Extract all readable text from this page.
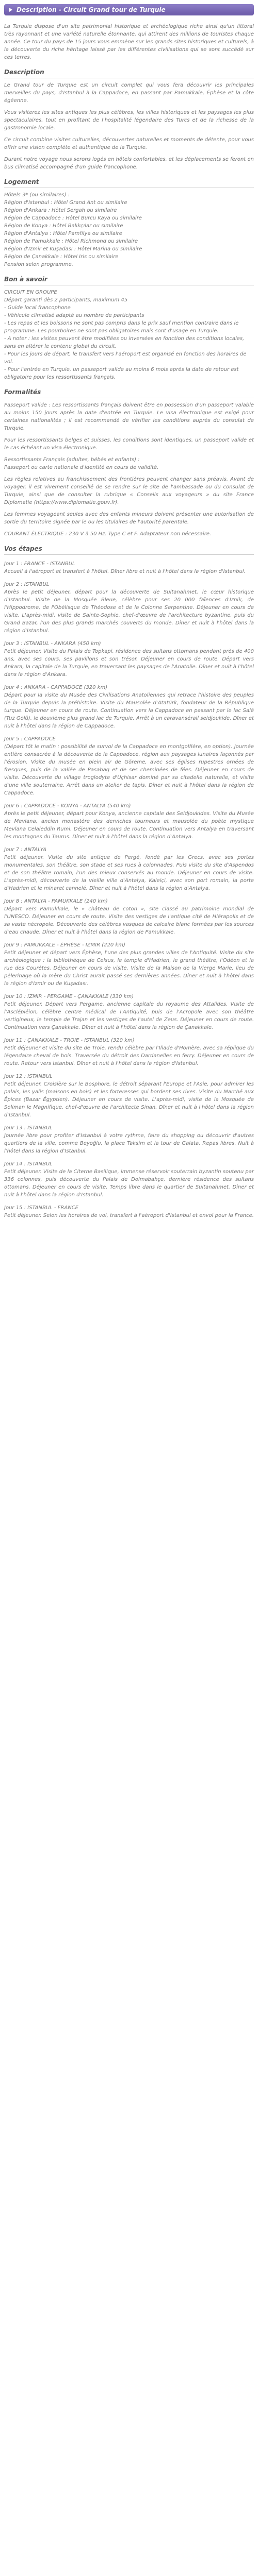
Description - Circuit Grand tour de Turquie

La Turquie dispose d'un site patrimonial historique et archéologique riche ainsi qu'un littoral très rayonnant et une variété naturelle étonnante, qui attirent des millions de touristes chaque année. Ce tour du pays de 15 jours vous emmène sur les grands sites historiques et culturels, à la découverte du riche héritage laissé par les différentes civilisations qui se sont succédé sur ces terres.

Description

Le Grand tour de Turquie est un circuit complet qui vous fera découvrir les principales merveilles du pays, d'Istanbul à la Cappadoce, en passant par Pamukkale, Éphèse et la côte égéenne.

Vous visiterez les sites antiques les plus célèbres, les villes historiques et les paysages les plus spectaculaires, tout en profitant de l'hospitalité légendaire des Turcs et de la richesse de la gastronomie locale.

Ce circuit combine visites culturelles, découvertes naturelles et moments de détente, pour vous offrir une vision complète et authentique de la Turquie.

Durant notre voyage nous serons logés en hôtels confortables, et les déplacements se feront en bus climatisé accompagné d'un guide francophone.

Logement
Hôtels 3* (ou similaires) :
Région d'Istanbul : Hôtel Grand Ant ou similaire
Région d'Ankara : Hôtel Sergah ou similaire
Région de Cappadoce : Hôtel Burcu Kaya ou similaire
Région de Konya : Hôtel Balıkçılar ou similaire
Région d'Antalya : Hôtel Pamfilya ou similaire
Région de Pamukkale : Hôtel Richmond ou similaire
Région d'Izmir et Kuşadası : Hôtel Marina ou similaire
Région de Çanakkale : Hôtel Iris ou similaire
Pension selon programme.
Bon à savoir
CIRCUIT EN GROUPE
Départ garanti dès 2 participants, maximum 45
- Guide local francophone
- Véhicule climatisé adapté au nombre de participants
- Les repas et les boissons ne sont pas compris dans le prix sauf mention contraire dans le programme. Les pourboires ne sont pas obligatoires mais sont d'usage en Turquie.
- A noter : les visites peuvent être modifiées ou inversées en fonction des conditions locales, sans en altérer le contenu global du circuit.
- Pour les jours de départ, le transfert vers l'aéroport est organisé en fonction des horaires de vol.
- Pour l'entrée en Turquie, un passeport valide au moins 6 mois après la date de retour est obligatoire pour les ressortissants français.
Formalités

Passeport valide : Les ressortissants français doivent être en possession d'un passeport valable au moins 150 jours après la date d'entrée en Turquie. Le visa électronique est exigé pour certaines nationalités ; il est recommandé de vérifier les conditions auprès du consulat de Turquie.

Pour les ressortissants belges et suisses, les conditions sont identiques, un passeport valide et le cas échéant un visa électronique.

Ressortissants Français (adultes, bébés et enfants) :

Passeport ou carte nationale d'identité en cours de validité.

Les règles relatives au franchissement des frontières peuvent changer sans préavis. Avant de voyager, il est vivement conseillé de se rendre sur le site de l'ambassade ou du consulat de Turquie, ainsi que de consulter la rubrique « Conseils aux voyageurs » du site France Diplomatie (https://www.diplomatie.gouv.fr).

Les femmes voyageant seules avec des enfants mineurs doivent présenter une autorisation de sortie du territoire signée par le ou les titulaires de l'autorité parentale.

COURANT ÉLECTRIQUE : 230 V à 50 Hz. Type C et F. Adaptateur non nécessaire.

Vos étapes
Jour 1 : FRANCE - ISTANBUL
Accueil à l'aéroport et transfert à l'hôtel. Dîner libre et nuit à l'hôtel dans la région d'Istanbul.
Jour 2 : ISTANBUL
Après le petit déjeuner, départ pour la découverte de Sultanahmet, le cœur historique d'Istanbul. Visite de la Mosquée Bleue, célèbre pour ses 20 000 faïences d'Iznik, de l'Hippodrome, de l'Obélisque de Théodose et de la Colonne Serpentine. Déjeuner en cours de visite. L'après-midi, visite de Sainte-Sophie, chef-d'œuvre de l'architecture byzantine, puis du Grand Bazar, l'un des plus grands marchés couverts du monde. Dîner et nuit à l'hôtel dans la région d'Istanbul.
Jour 3 : ISTANBUL - ANKARA (450 km)
Petit déjeuner. Visite du Palais de Topkapi, résidence des sultans ottomans pendant près de 400 ans, avec ses cours, ses pavillons et son trésor. Déjeuner en cours de route. Départ vers Ankara, la capitale de la Turquie, en traversant les paysages de l'Anatolie. Dîner et nuit à l'hôtel dans la région d'Ankara.
Jour 4 : ANKARA - CAPPADOCE (320 km)
Départ pour la visite du Musée des Civilisations Anatoliennes qui retrace l'histoire des peuples de la Turquie depuis la préhistoire. Visite du Mausolée d'Atatürk, fondateur de la République turque. Déjeuner en cours de route. Continuation vers la Cappadoce en passant par le lac Salé (Tuz Gölü), le deuxième plus grand lac de Turquie. Arrêt à un caravansérail seldjoukide. Dîner et nuit à l'hôtel dans la région de Cappadoce.
Jour 5 : CAPPADOCE
(Départ tôt le matin : possibilité de survol de la Cappadoce en montgolfière, en option). Journée entière consacrée à la découverte de la Cappadoce, région aux paysages lunaires façonnés par l'érosion. Visite du musée en plein air de Göreme, avec ses églises rupestres ornées de fresques, puis de la vallée de Pasabag et de ses cheminées de fées. Déjeuner en cours de visite. Découverte du village troglodyte d'Uçhisar dominé par sa citadelle naturelle, et visite d'une ville souterraine. Arrêt dans un atelier de tapis. Dîner et nuit à l'hôtel dans la région de Cappadoce.
Jour 6 : CAPPADOCE - KONYA - ANTALYA (540 km)
Après le petit déjeuner, départ pour Konya, ancienne capitale des Seldjoukides. Visite du Musée de Mevlana, ancien monastère des derviches tourneurs et mausolée du poète mystique Mevlana Celaleddin Rumi. Déjeuner en cours de route. Continuation vers Antalya en traversant les montagnes du Taurus. Dîner et nuit à l'hôtel dans la région d'Antalya.
Jour 7 : ANTALYA
Petit déjeuner. Visite du site antique de Pergé, fondé par les Grecs, avec ses portes monumentales, son théâtre, son stade et ses rues à colonnades. Puis visite du site d'Aspendos et de son théâtre romain, l'un des mieux conservés au monde. Déjeuner en cours de visite. L'après-midi, découverte de la vieille ville d'Antalya, Kaleiçi, avec son port romain, la porte d'Hadrien et le minaret cannelé. Dîner et nuit à l'hôtel dans la région d'Antalya.
Jour 8 : ANTALYA - PAMUKKALE (240 km)
Départ vers Pamukkale, le « château de coton », site classé au patrimoine mondial de l'UNESCO. Déjeuner en cours de route. Visite des vestiges de l'antique cité de Hiérapolis et de sa vaste nécropole. Découverte des célèbres vasques de calcaire blanc formées par les sources d'eau chaude. Dîner et nuit à l'hôtel dans la région de Pamukkale.
Jour 9 : PAMUKKALE - ÉPHÈSE - IZMIR (220 km)
Petit déjeuner et départ vers Éphèse, l'une des plus grandes villes de l'Antiquité. Visite du site archéologique : la bibliothèque de Celsus, le temple d'Hadrien, le grand théâtre, l'Odéon et la rue des Courètes. Déjeuner en cours de visite. Visite de la Maison de la Vierge Marie, lieu de pèlerinage où la mère du Christ aurait passé ses dernières années. Dîner et nuit à l'hôtel dans la région d'Izmir ou de Kuşadası.
Jour 10 : IZMIR - PERGAME - ÇANAKKALE (330 km)
Petit déjeuner. Départ vers Pergame, ancienne capitale du royaume des Attalides. Visite de l'Asclépiéion, célèbre centre médical de l'Antiquité, puis de l'Acropole avec son théâtre vertigineux, le temple de Trajan et les vestiges de l'autel de Zeus. Déjeuner en cours de route. Continuation vers Çanakkale. Dîner et nuit à l'hôtel dans la région de Çanakkale.
Jour 11 : ÇANAKKALE - TROIE - ISTANBUL (320 km)
Petit déjeuner et visite du site de Troie, rendu célèbre par l'Iliade d'Homère, avec sa réplique du légendaire cheval de bois. Traversée du détroit des Dardanelles en ferry. Déjeuner en cours de route. Retour vers Istanbul. Dîner et nuit à l'hôtel dans la région d'Istanbul.
Jour 12 : ISTANBUL
Petit déjeuner. Croisière sur le Bosphore, le détroit séparant l'Europe et l'Asie, pour admirer les palais, les yalis (maisons en bois) et les forteresses qui bordent ses rives. Visite du Marché aux Épices (Bazar Égyptien). Déjeuner en cours de visite. L'après-midi, visite de la Mosquée de Soliman le Magnifique, chef-d'œuvre de l'architecte Sinan. Dîner et nuit à l'hôtel dans la région d'Istanbul.
Jour 13 : ISTANBUL
Journée libre pour profiter d'Istanbul à votre rythme, faire du shopping ou découvrir d'autres quartiers de la ville, comme Beyoğlu, la place Taksim et la tour de Galata. Repas libres. Nuit à l'hôtel dans la région d'Istanbul.
Jour 14 : ISTANBUL
Petit déjeuner. Visite de la Citerne Basilique, immense réservoir souterrain byzantin soutenu par 336 colonnes, puis découverte du Palais de Dolmabahçe, dernière résidence des sultans ottomans. Déjeuner en cours de visite. Temps libre dans le quartier de Sultanahmet. Dîner et nuit à l'hôtel dans la région d'Istanbul.
Jour 15 : ISTANBUL - FRANCE
Petit déjeuner. Selon les horaires de vol, transfert à l'aéroport d'Istanbul et envol pour la France.
